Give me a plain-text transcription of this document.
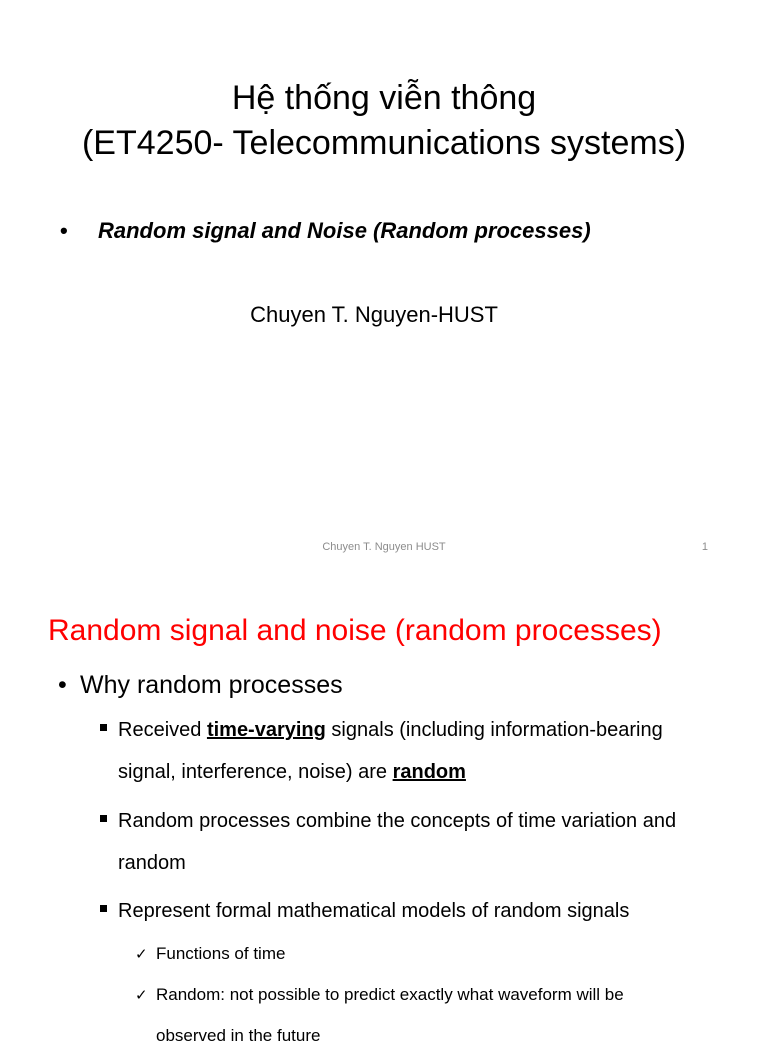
Hệ thống viễn thông
(ET4250- Telecommunications systems)
• Random signal and Noise (Random processes)
Chuyen T. Nguyen-HUST
Chuyen T. Nguyen HUST	1
Random signal and noise (random processes)
• Why random processes
Received time-varying signals (including information-bearing signal, interference, noise) are random
Random processes combine the concepts of time variation and random
Represent formal mathematical models of random signals
✓ Functions of time
✓ Random: not possible to predict exactly what waveform will be
observed in the future
